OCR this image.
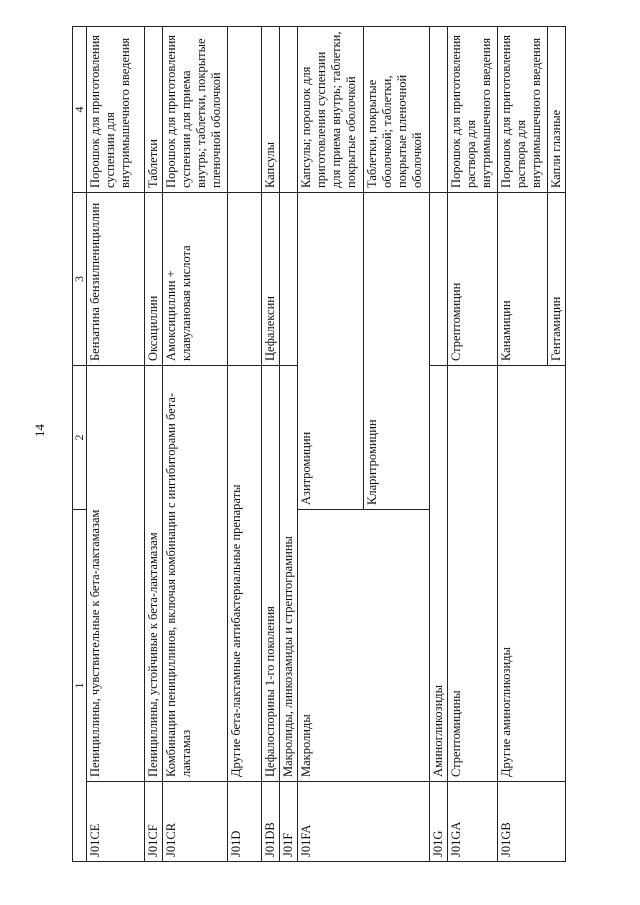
14
1		2	3	4
J01CE	Пенициллины, чувствительные к бета-лактамазам		Бензатина бензилпенициллин	Порошок для приготовления суспензии для внутримышечного введения
J01CF	Пенициллины, устойчивые к бета-лактамазам		Оксациллин	Таблетки
J01CR	Комбинации пенициллинов, включая комбинации с ингибиторами бета-лактамаз		Амоксициллин + клавулановая кислота	Порошок для приготовления суспензии для приема внутрь; таблетки, покрытые пленочной оболочкой
J01D	Другие бета-лактамные антибактериальные препараты			
J01DB	Цефалоспорины 1-го поколения		Цефалексин	Капсулы
J01F	Макролиды, линкозамиды и стрептограмины			
J01FA	Макролиды	Азитромицин		Капсулы; порошок для приготовления суспензии для приема внутрь; таблетки, покрытые оболочкой
		Кларитромицин		Таблетки, покрытые оболочкой; таблетки, покрытые пленочной оболочкой
J01G	Аминогликозиды			
J01GA	Стрептомицины		Стрептомицин	Порошок для приготовления раствора для внутримышечного введения
J01GB	Другие аминогликозиды		Канамицин	Порошок для приготовления раствора для внутримышечного введения
			Гентамицин	Капли глазные
